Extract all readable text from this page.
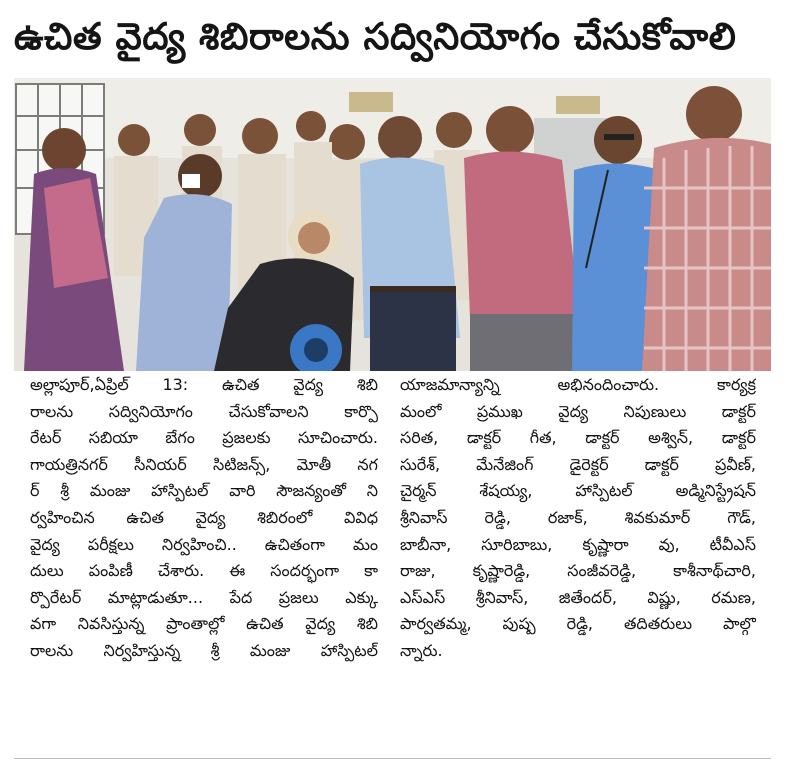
ఉచిత వైద్య శిబిరాలను సద్వినియోగం చేసుకోవాలి
అల్లాపూర్,ఏప్రిల్ 13: ఉచిత వైద్య శిబి
రాలను సద్వినియోగం చేసుకోవాలని కార్పొ
రేటర్ సబియా బేగం ప్రజలకు సూచించారు.
గాయత్రినగర్ సీనియర్ సిటిజన్స్, మోతీ నగ
ర్ శ్రీ మంజు హాస్పిటల్ వారి సౌజన్యంతో ని
ర్వహించిన ఉచిత వైద్య శిబిరంలో వివిధ
వైద్య పరీక్షలు నిర్వహించి.. ఉచితంగా మం
దులు పంపిణీ చేశారు. ఈ సందర్భంగా కా
ర్పొరేటర్ మాట్లాడుతూ... పేద ప్రజలు ఎక్కు
వగా నివసిస్తున్న ప్రాంతాల్లో ఉచిత వైద్య శిబి
రాలను నిర్వహిస్తున్న శ్రీ మంజు హాస్పిటల్
యాజమాన్యాన్ని అభినందించారు. కార్యక్ర
మంలో ప్రముఖ వైద్య నిపుణులు డాక్టర్
సరిత, డాక్టర్ గీత, డాక్టర్ అశ్విన్, డాక్టర్
సురేశ్, మేనేజింగ్ డైరెక్టర్ డాక్టర్ ప్రవీణ్,
చైర్మన్ శేషయ్య, హాస్పిటల్ అడ్మినిస్ట్రేషన్
శ్రీనివాస్ రెడ్డి, రజాక్, శివకుమార్ గౌడ్,
బాబీనా, సూరిబాబు, కృష్ణారా వు, టీవీఎస్
రాజు, కృష్ణారెడ్డి, సంజీవరెడ్డి, కాశీనాథ్‌చారి,
ఎస్ఎస్ శ్రీనివాస్, జితేందర్, విష్ణు, రమణ,
పార్వతమ్మ, పుష్ప రెడ్డి, తదితరులు పాల్గొ
న్నారు.
